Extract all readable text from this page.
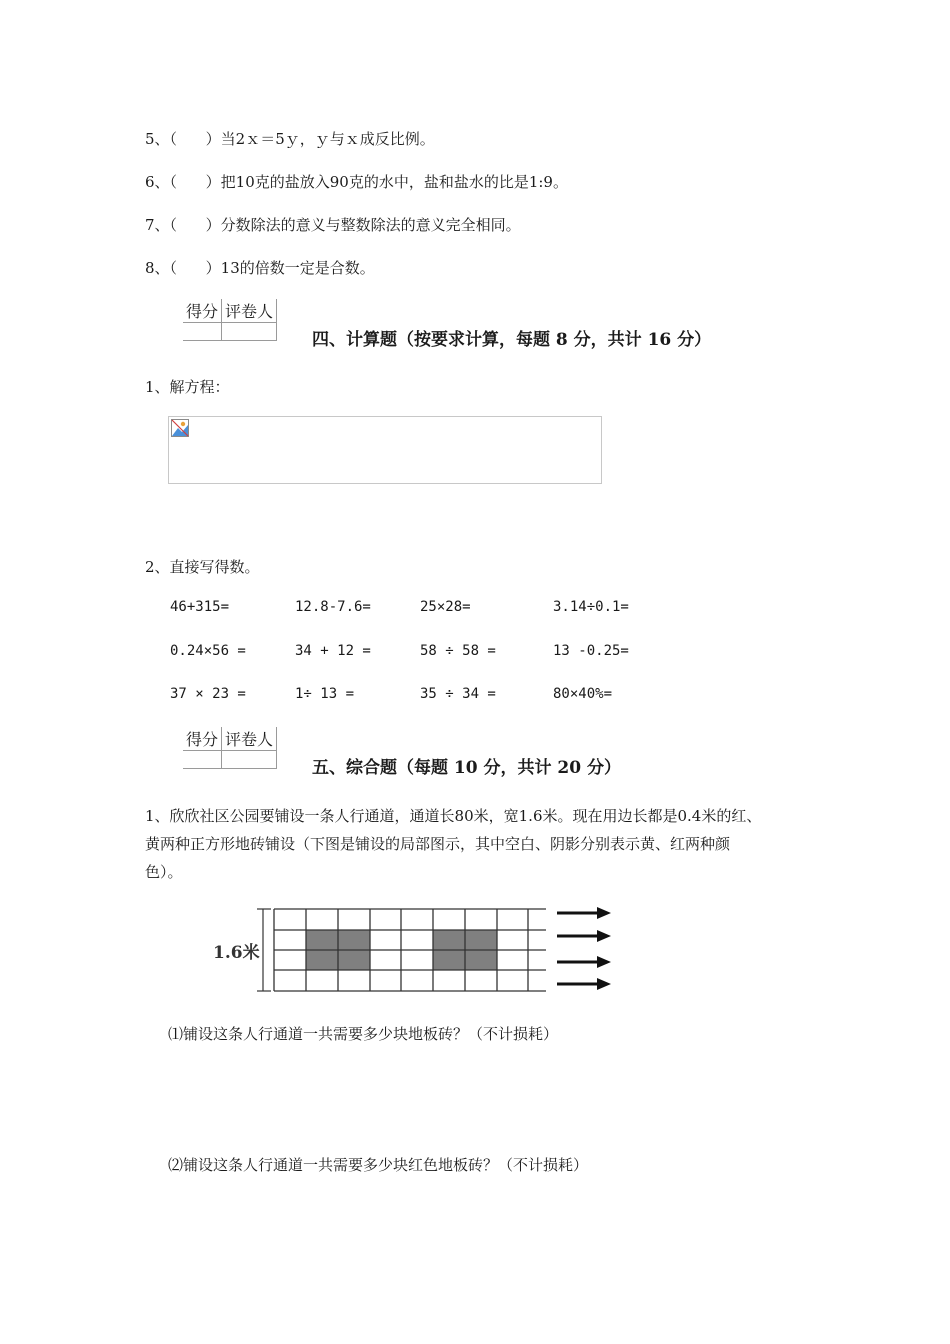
5、（      ）当2ｘ＝5ｙ，ｙ与ｘ成反比例。
6、（      ）把10克的盐放入90克的水中，盐和盐水的比是1:9。
7、（      ）分数除法的意义与整数除法的意义完全相同。
8、（      ）13的倍数一定是合数。
得分	评卷人

四、计算题（按要求计算，每题 8 分，共计 16 分）
1、解方程：
2、直接写得数。
46+315=	12.8-7.6=	25×28=	3.14÷0.1=
0.24×56 =	34 + 12 =	58 ÷ 58 =	13 -0.25=
37 × 23 =	1÷ 13 =	35 ÷ 34 =	80×40%=
得分	评卷人

五、综合题（每题 10 分，共计 20 分）
1、欣欣社区公园要铺设一条人行通道，通道长80米，宽1.6米。现在用边长都是0.4米的红、
黄两种正方形地砖铺设（下图是铺设的局部图示，其中空白、阴影分别表示黄、红两种颜
色）。
1.6米
⑴铺设这条人行通道一共需要多少块地板砖？（不计损耗）
⑵铺设这条人行通道一共需要多少块红色地板砖？（不计损耗）
